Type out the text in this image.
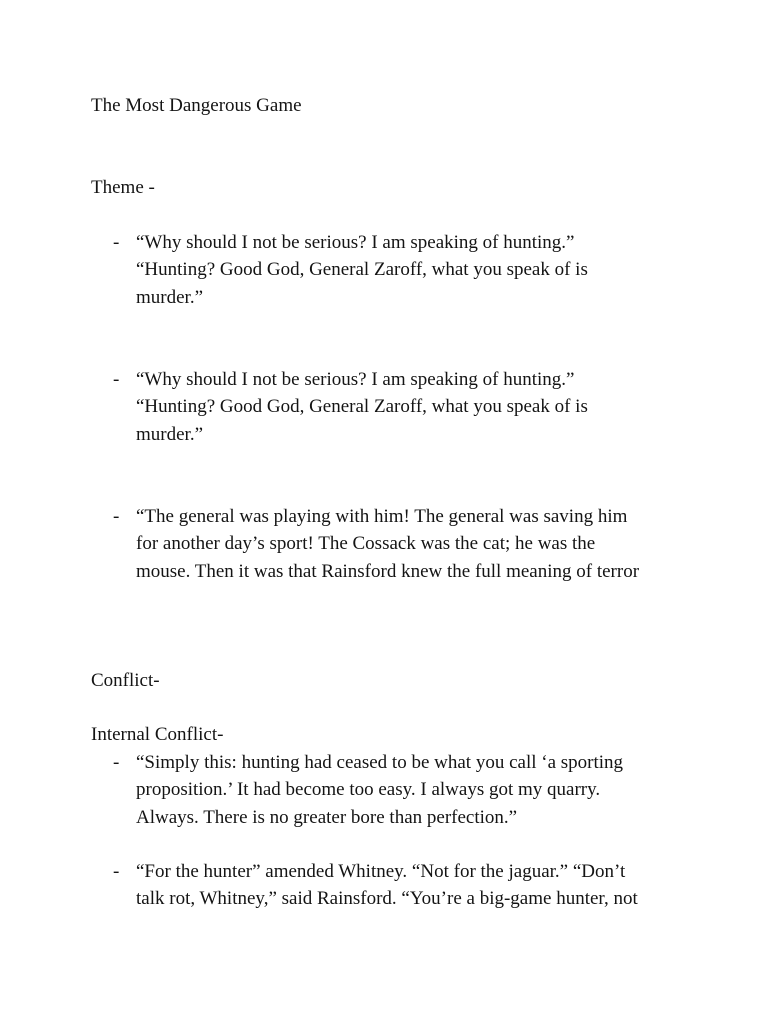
The Most Dangerous Game
Theme -
- “Why should I not be serious? I am speaking of hunting.”
“Hunting? Good God, General Zaroff, what you speak of is
murder.”
- “Why should I not be serious? I am speaking of hunting.”
“Hunting? Good God, General Zaroff, what you speak of is
murder.”
- “The general was playing with him! The general was saving him
for another day’s sport! The Cossack was the cat; he was the
mouse. Then it was that Rainsford knew the full meaning of terror
Conflict-
Internal Conflict-
- “Simply this: hunting had ceased to be what you call ‘a sporting
proposition.’ It had become too easy. I always got my quarry.
Always. There is no greater bore than perfection.”
- “For the hunter” amended Whitney. “Not for the jaguar.” “Don’t
talk rot, Whitney,” said Rainsford. “You’re a big-game hunter, not
